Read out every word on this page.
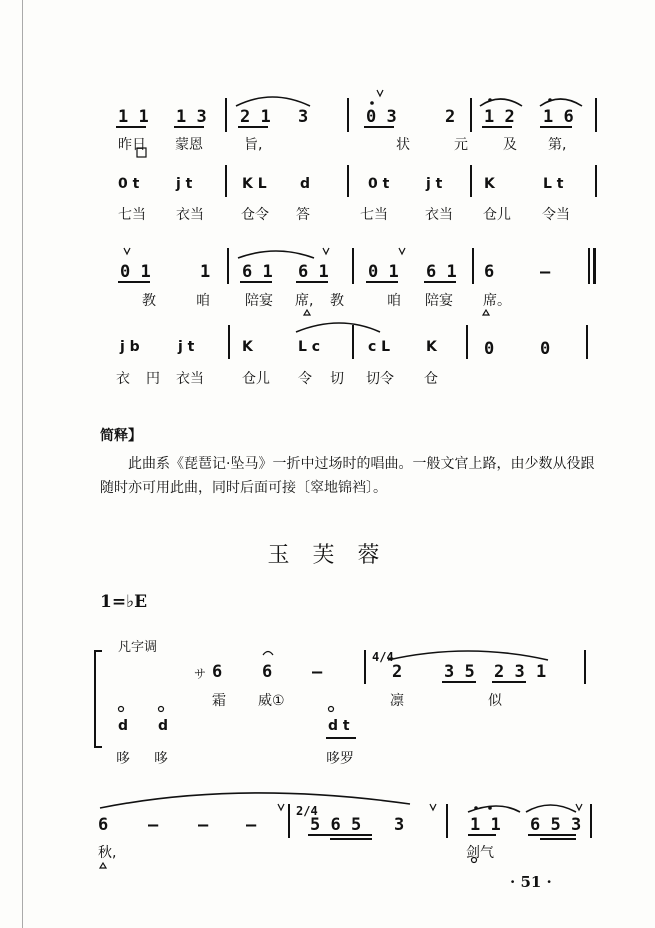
1 1 1 3 2 1 3	0 3	2 1 2 1 6
昨日 蒙恩	旨,	状	元	及 第,
0 t	j t	K L d	0 t	j t	K	L t
七当 衣当	仓令 答	七当	衣当 仓儿 令当
0 1	1 6 1 6 1 0 1 6 1 6	–
教	咱	陪宴 席, 教	咱 陪宴 席。
j b	j t	K	L c	c L	K	0	0
衣 円 衣当	仓儿 令 切 切令 仓
简释】
此曲系《琵琶记·坠马》一折中过场时的唱曲。一般文官上路，由少数从役跟随时亦可用此曲，同时后面可接〔窣地锦裆〕。
玉 芙 蓉
1=♭E
凡字调
サ 6 6 –
4/4
2 3 5 2 3 1
霜 威①	凛	似
d d	d t
哆 哆	哆罗
6 – – –
2/4
5 6 5 3	1 1 6 5 3
秋,	剑气
· 51 ·
